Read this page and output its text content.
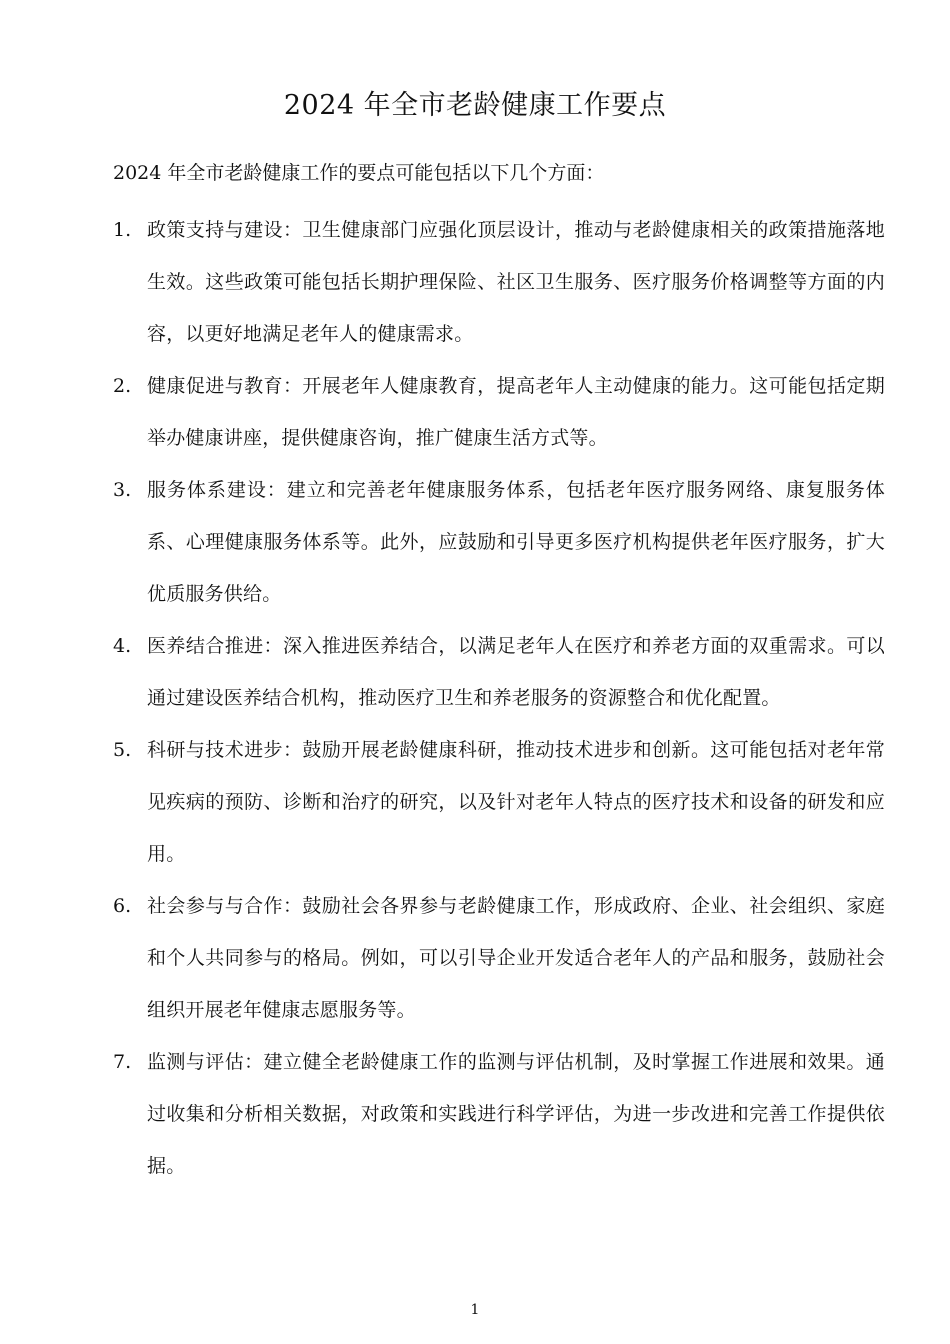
2024 年全市老龄健康工作要点
2024 年全市老龄健康工作的要点可能包括以下几个方面：
1. 政策支持与建设：卫生健康部门应强化顶层设计，推动与老龄健康相关的政策措施落地生效。这些政策可能包括长期护理保险、社区卫生服务、医疗服务价格调整等方面的内容，以更好地满足老年人的健康需求。
2. 健康促进与教育：开展老年人健康教育，提高老年人主动健康的能力。这可能包括定期举办健康讲座，提供健康咨询，推广健康生活方式等。
3. 服务体系建设：建立和完善老年健康服务体系，包括老年医疗服务网络、康复服务体系、心理健康服务体系等。此外，应鼓励和引导更多医疗机构提供老年医疗服务，扩大优质服务供给。
4. 医养结合推进：深入推进医养结合，以满足老年人在医疗和养老方面的双重需求。可以通过建设医养结合机构，推动医疗卫生和养老服务的资源整合和优化配置。
5. 科研与技术进步：鼓励开展老龄健康科研，推动技术进步和创新。这可能包括对老年常见疾病的预防、诊断和治疗的研究，以及针对老年人特点的医疗技术和设备的研发和应用。
6. 社会参与与合作：鼓励社会各界参与老龄健康工作，形成政府、企业、社会组织、家庭和个人共同参与的格局。例如，可以引导企业开发适合老年人的产品和服务，鼓励社会组织开展老年健康志愿服务等。
7. 监测与评估：建立健全老龄健康工作的监测与评估机制，及时掌握工作进展和效果。通过收集和分析相关数据，对政策和实践进行科学评估，为进一步改进和完善工作提供依据。
1
